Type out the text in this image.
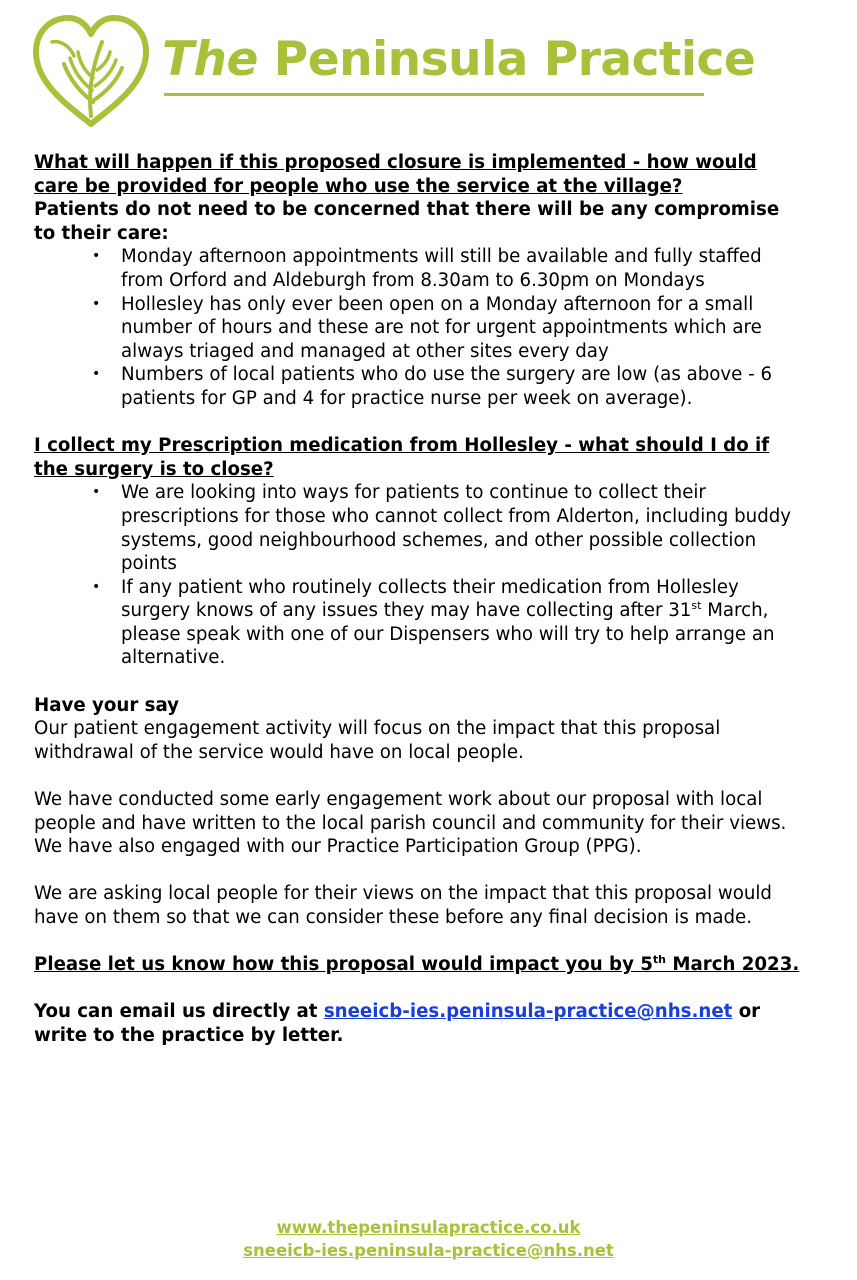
The Peninsula Practice

What will happen if this proposed closure is implemented - how would care be provided for people who use the service at the village?

Patients do not need to be concerned that there will be any compromise to their care:

• Monday afternoon appointments will still be available and fully staffed from Orford and Aldeburgh from 8.30am to 6.30pm on Mondays
• Hollesley has only ever been open on a Monday afternoon for a small number of hours and these are not for urgent appointments which are always triaged and managed at other sites every day
• Numbers of local patients who do use the surgery are low (as above - 6 patients for GP and 4 for practice nurse per week on average).

I collect my Prescription medication from Hollesley - what should I do if the surgery is to close?

• We are looking into ways for patients to continue to collect their prescriptions for those who cannot collect from Alderton, including buddy systems, good neighbourhood schemes, and other possible collection points
• If any patient who routinely collects their medication from Hollesley surgery knows of any issues they may have collecting after 31st March, please speak with one of our Dispensers who will try to help arrange an alternative.

Have your say

Our patient engagement activity will focus on the impact that this proposal withdrawal of the service would have on local people.

We have conducted some early engagement work about our proposal with local people and have written to the local parish council and community for their views. We have also engaged with our Practice Participation Group (PPG).

We are asking local people for their views on the impact that this proposal would have on them so that we can consider these before any final decision is made.

Please let us know how this proposal would impact you by 5th March 2023.

You can email us directly at sneeicb-ies.peninsula-practice@nhs.net or write to the practice by letter.

www.thepeninsulapractice.co.uk
sneeicb-ies.peninsula-practice@nhs.net
